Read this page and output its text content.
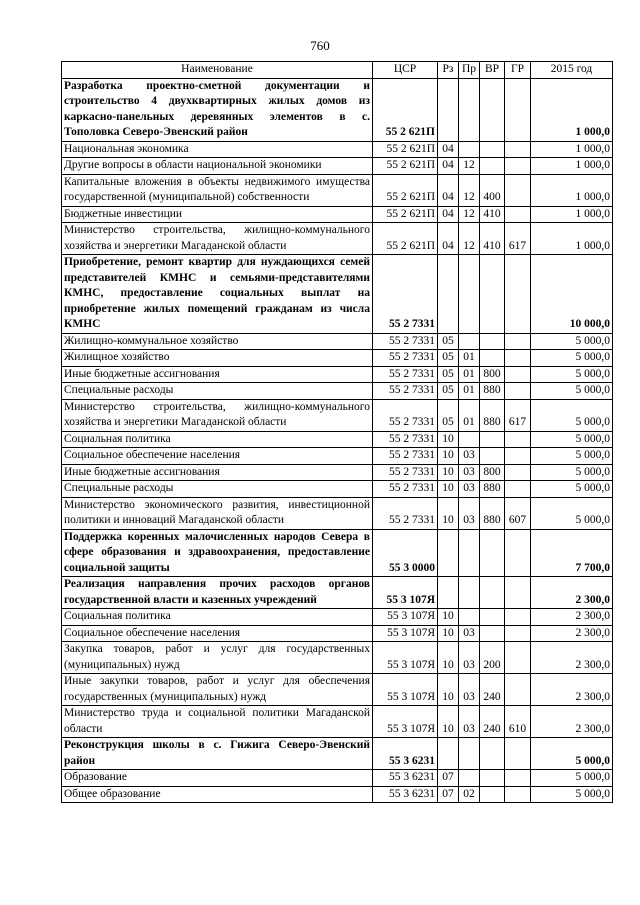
760
Наименование	ЦСР	Рз	Пр	ВР	ГР	2015 год
Разработка проектно-сметной документации и строительство 4 двухквартирных жилых домов из каркасно-панельных деревянных элементов в с. Тополовка Северо-Эвенский район	55 2 621П					1 000,0
Национальная экономика	55 2 621П	04				1 000,0
Другие вопросы в области национальной экономики	55 2 621П	04	12			1 000,0
Капитальные вложения в объекты недвижимого имущества государственной (муниципальной) собственности	55 2 621П	04	12	400		1 000,0
Бюджетные инвестиции	55 2 621П	04	12	410		1 000,0
Министерство строительства, жилищно-коммунального хозяйства и энергетики Магаданской области	55 2 621П	04	12	410	617	1 000,0
Приобретение, ремонт квартир для нуждающихся семей представителей КМНС и семьями-представителями КМНС, предоставление социальных выплат на приобретение жилых помещений гражданам из числа КМНС	55 2 7331					10 000,0
Жилищно-коммунальное хозяйство	55 2 7331	05				5 000,0
Жилищное хозяйство	55 2 7331	05	01			5 000,0
Иные бюджетные ассигнования	55 2 7331	05	01	800		5 000,0
Специальные расходы	55 2 7331	05	01	880		5 000,0
Министерство строительства, жилищно-коммунального хозяйства и энергетики Магаданской области	55 2 7331	05	01	880	617	5 000,0
Социальная политика	55 2 7331	10				5 000,0
Социальное обеспечение населения	55 2 7331	10	03			5 000,0
Иные бюджетные ассигнования	55 2 7331	10	03	800		5 000,0
Специальные расходы	55 2 7331	10	03	880		5 000,0
Министерство экономического развития, инвестиционной политики и инноваций Магаданской области	55 2 7331	10	03	880	607	5 000,0
Поддержка коренных малочисленных народов Севера в сфере образования и здравоохранения, предоставление социальной защиты	55 3 0000					7 700,0
Реализация направления прочих расходов органов государственной власти и казенных учреждений	55 3 107Я					2 300,0
Социальная политика	55 3 107Я	10				2 300,0
Социальное обеспечение населения	55 3 107Я	10	03			2 300,0
Закупка товаров, работ и услуг для государственных (муниципальных) нужд	55 3 107Я	10	03	200		2 300,0
Иные закупки товаров, работ и услуг для обеспечения государственных (муниципальных) нужд	55 3 107Я	10	03	240		2 300,0
Министерство труда и социальной политики Магаданской области	55 3 107Я	10	03	240	610	2 300,0
Реконструкция школы в с. Гижига Северо-Эвенский район	55 3 6231					5 000,0
Образование	55 3 6231	07				5 000,0
Общее образование	55 3 6231	07	02			5 000,0
